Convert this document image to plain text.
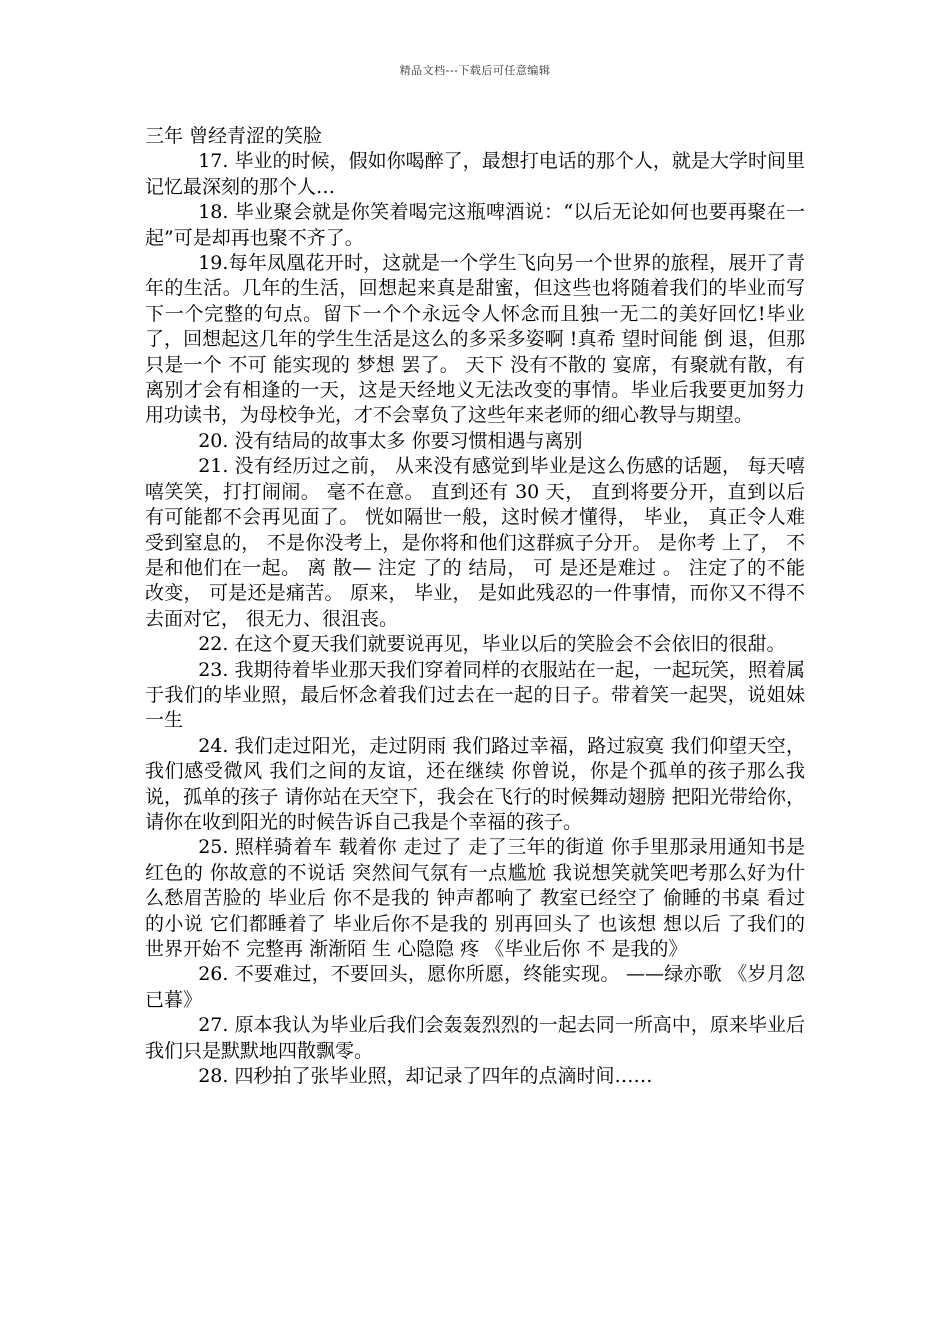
精品文档---下载后可任意编辑

三年 曾经青涩的笑脸

17. 毕业的时候，假如你喝醉了，最想打电话的那个人，就是大学时间里记忆最深刻的那个人…

18. 毕业聚会就是你笑着喝完这瓶啤酒说：“以后无论如何也要再聚在一起”可是却再也聚不齐了。

19.每年凤凰花开时，这就是一个学生飞向另一个世界的旅程，展开了青年的生活。几年的生活，回想起来真是甜蜜，但这些也将随着我们的毕业而写下一个完整的句点。留下一个个永远令人怀念而且独一无二的美好回忆!毕业了，回想起这几年的学生生活是这么的多采多姿啊 !真希 望时间能 倒 退，但那只是一个 不可 能实现的 梦想 罢了。 天下 没有不散的 宴席，有聚就有散，有离别才会有相逢的一天，这是天经地义无法改变的事情。毕业后我要更加努力用功读书，为母校争光，才不会辜负了这些年来老师的细心教导与期望。

20. 没有结局的故事太多 你要习惯相遇与离别

21. 没有经历过之前， 从来没有感觉到毕业是这么伤感的话题， 每天嘻嘻笑笑，打打闹闹。 毫不在意。 直到还有 30 天， 直到将要分开，直到以后有可能都不会再见面了。 恍如隔世一般，这时候才懂得， 毕业， 真正令人难受到窒息的， 不是你没考上，是你将和他们这群疯子分开。 是你考 上了， 不是和他们在一起。 离 散— 注定 了的 结局， 可 是还是难过 。 注定了的不能改变， 可是还是痛苦。 原来， 毕业， 是如此残忍的一件事情，而你又不得不去面对它， 很无力、很沮丧。

22. 在这个夏天我们就要说再见，毕业以后的笑脸会不会依旧的很甜。

23. 我期待着毕业那天我们穿着同样的衣服站在一起，一起玩笑，照着属于我们的毕业照，最后怀念着我们过去在一起的日子。带着笑一起哭，说姐妹一生

24. 我们走过阳光，走过阴雨 我们路过幸福，路过寂寞 我们仰望天空，我们感受微风 我们之间的友谊，还在继续 你曾说，你是个孤单的孩子那么我说，孤单的孩子 请你站在天空下，我会在飞行的时候舞动翅膀 把阳光带给你，请你在收到阳光的时候告诉自己我是个幸福的孩子。

25. 照样骑着车 载着你 走过了 走了三年的街道 你手里那录用通知书是红色的 你故意的不说话 突然间气氛有一点尴尬 我说想笑就笑吧考那么好为什么愁眉苦脸的 毕业后 你不是我的 钟声都响了 教室已经空了 偷睡的书桌 看过的小说 它们都睡着了 毕业后你不是我的 别再回头了 也该想 想以后 了我们的世界开始不 完整再 渐渐陌 生 心隐隐 疼 《毕业后你 不 是我的》

26. 不要难过，不要回头，愿你所愿，终能实现。 ——绿亦歌 《岁月忽已暮》

27. 原本我认为毕业后我们会轰轰烈烈的一起去同一所高中，原来毕业后我们只是默默地四散飘零。

28. 四秒拍了张毕业照，却记录了四年的点滴时间……
